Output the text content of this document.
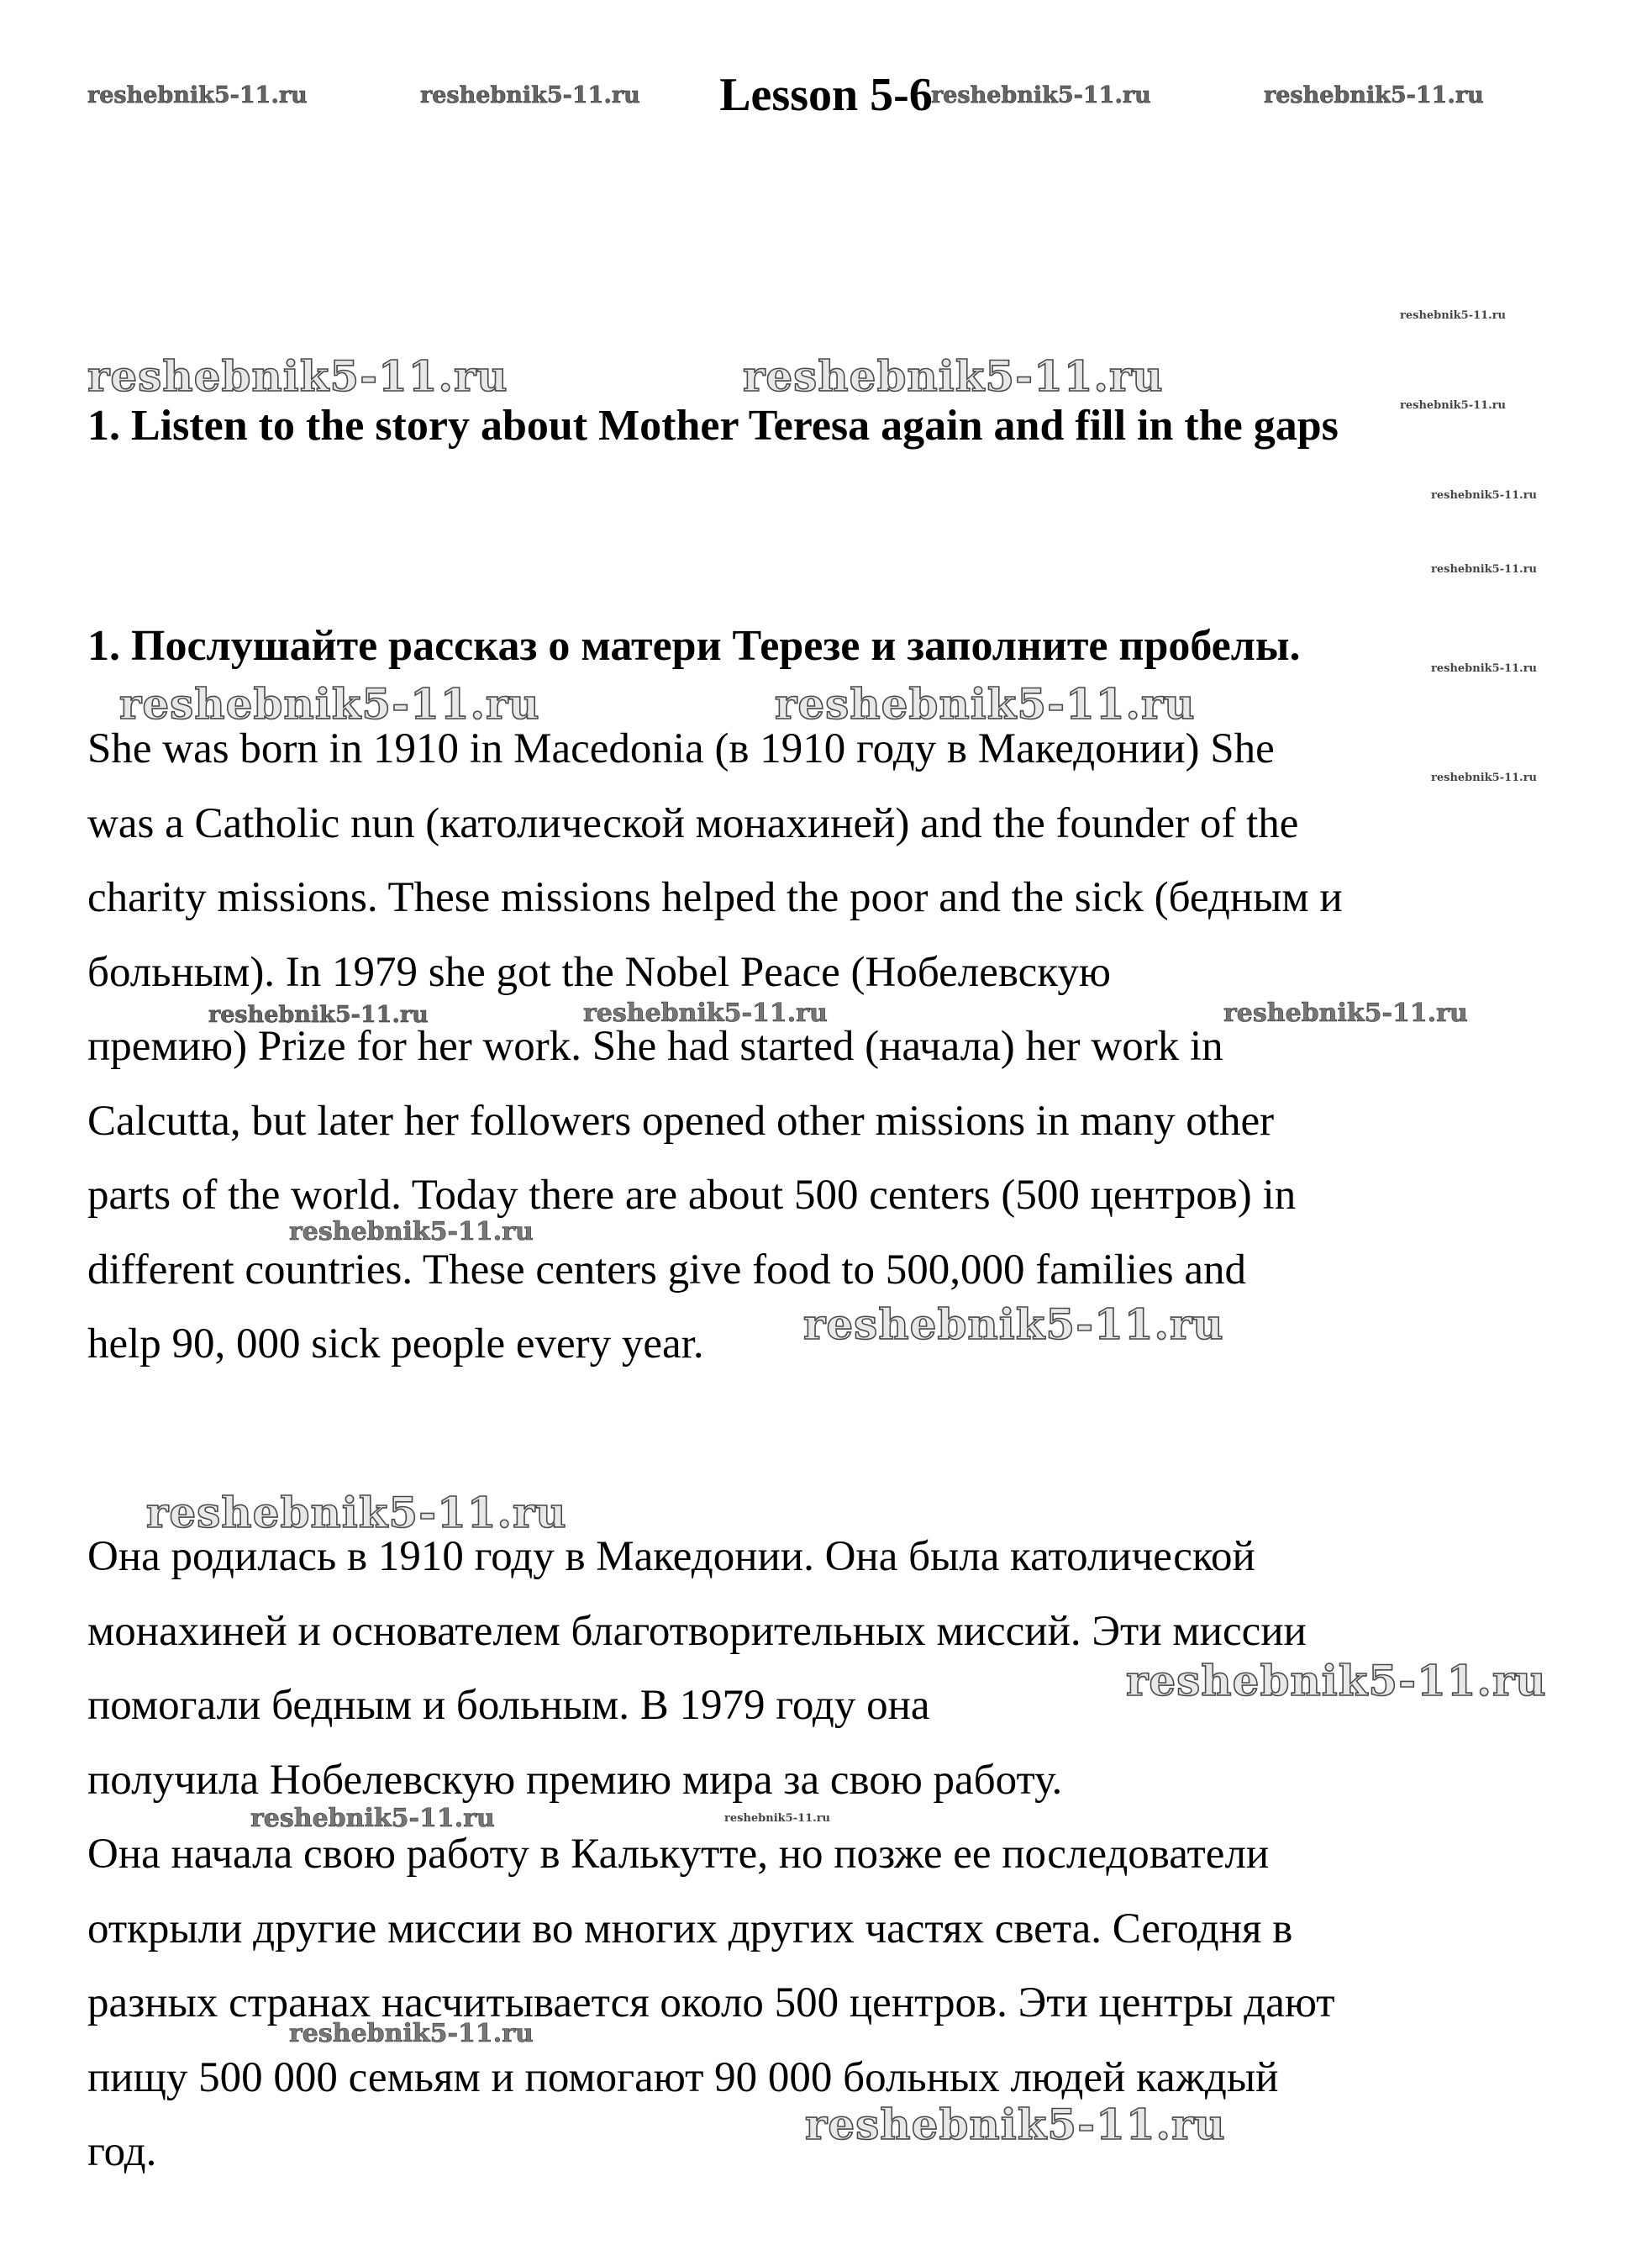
reshebnik5-11.ru	reshebnik5-11.ru	reshebnik5-11.ru	reshebnik5-11.ru
reshebnik5-11.ru
reshebnik5-11.ru	reshebnik5-11.ru
reshebnik5-11.ru
reshebnik5-11.ru
reshebnik5-11.ru
reshebnik5-11.ru
reshebnik5-11.ru	reshebnik5-11.ru
reshebnik5-11.ru
reshebnik5-11.ru	reshebnik5-11.ru	reshebnik5-11.ru
reshebnik5-11.ru
reshebnik5-11.ru
reshebnik5-11.ru
reshebnik5-11.ru
reshebnik5-11.ru	reshebnik5-11.ru
reshebnik5-11.ru
reshebnik5-11.ru
Lesson 5-6
1. Listen to the story about Mother Teresa again and fill in the gaps
1. Послушайте рассказ о матери Терезе и заполните пробелы.
She was born in 1910 in Macedonia (в 1910 году в Македонии) She
was a Catholic nun (католической монахиней) and the founder of the
charity missions. These missions helped the poor and the sick (бедным и
больным). In 1979 she got the Nobel Peace (Нобелевскую
премию) Prize for her work. She had started (начала) her work in
Calcutta, but later her followers opened other missions in many other
parts of the world. Today there are about 500 centers (500 центров) in
different countries. These centers give food to 500,000 families and
help 90, 000 sick people every year.
Она родилась в 1910 году в Македонии. Она была католической
монахиней и основателем благотворительных миссий. Эти миссии
помогали бедным и больным. В 1979 году она
получила Нобелевскую премию мира за свою работу.
Она начала свою работу в Калькутте, но позже ее последователи
открыли другие миссии во многих других частях света. Сегодня в
разных странах насчитывается около 500 центров. Эти центры дают
пищу 500 000 семьям и помогают 90 000 больных людей каждый
год.
